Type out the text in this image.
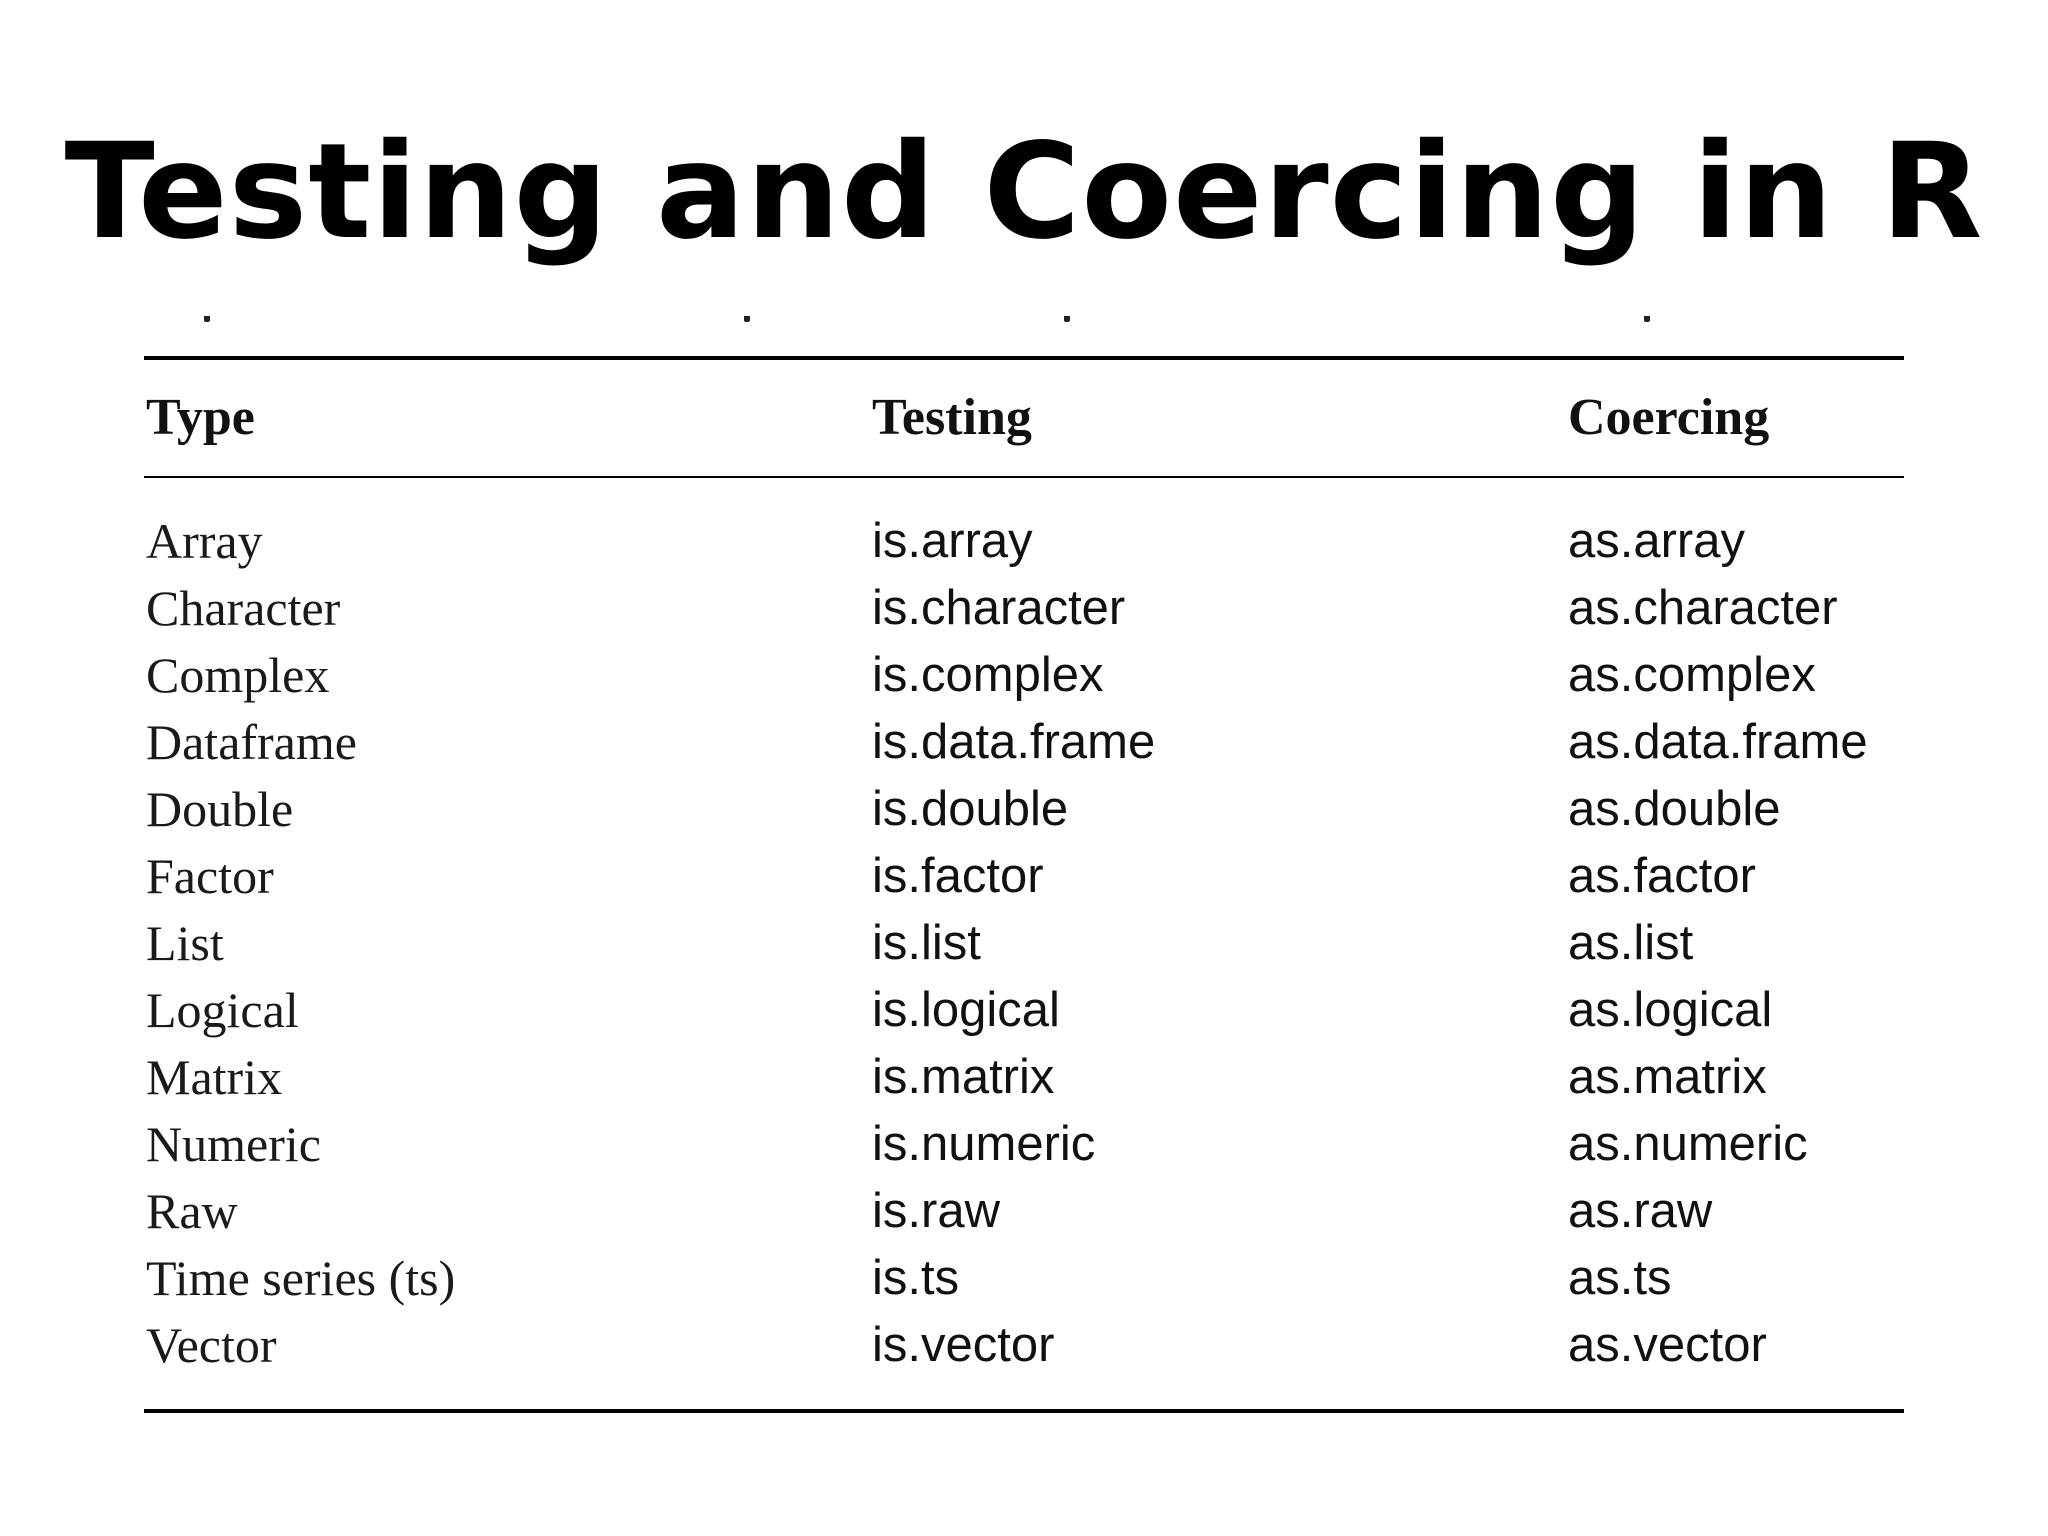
Testing and Coercing in R
Type	Testing	Coercing
Array	is.array	as.array
Character	is.character	as.character
Complex	is.complex	as.complex
Dataframe	is.data.frame	as.data.frame
Double	is.double	as.double
Factor	is.factor	as.factor
List	is.list	as.list
Logical	is.logical	as.logical
Matrix	is.matrix	as.matrix
Numeric	is.numeric	as.numeric
Raw	is.raw	as.raw
Time series (ts)	is.ts	as.ts
Vector	is.vector	as.vector
